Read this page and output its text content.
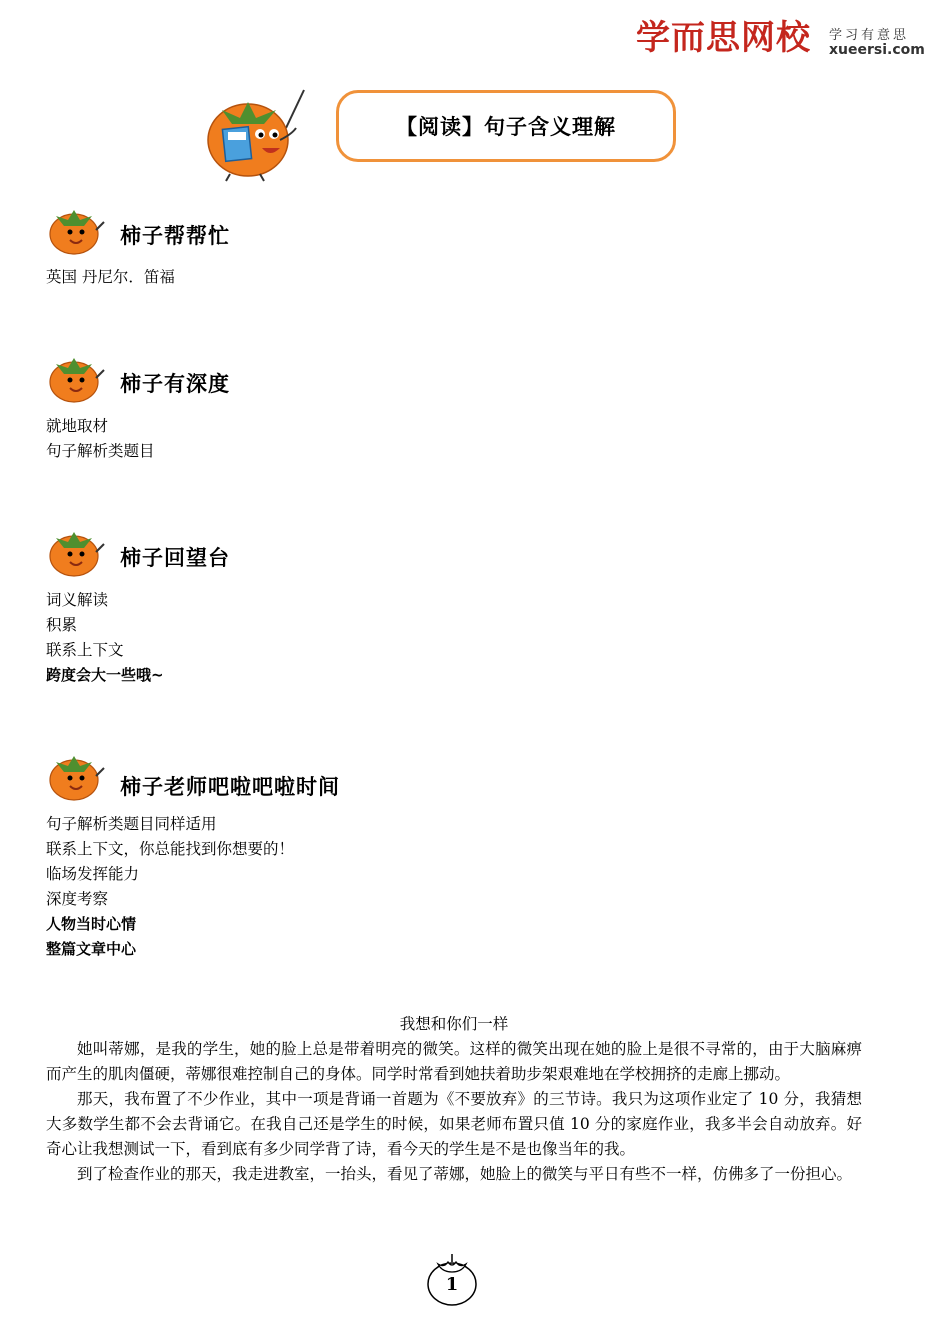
学而思网校 学习有意思
xueersi.com
【阅读】句子含义理解
柿子帮帮忙
英国 丹尼尔．笛福
柿子有深度
就地取材
句子解析类题目
柿子回望台
词义解读
积累
联系上下文
跨度会大一些哦~
柿子老师吧啦吧啦时间
句子解析类题目同样适用
联系上下文，你总能找到你想要的！
临场发挥能力
深度考察
人物当时心情
整篇文章中心
我想和你们一样

她叫蒂娜，是我的学生，她的脸上总是带着明亮的微笑。这样的微笑出现在她的脸上是很不寻常的，由于大脑麻痹而产生的肌肉僵硬，蒂娜很难控制自己的身体。同学时常看到她扶着助步架艰难地在学校拥挤的走廊上挪动。

那天，我布置了不少作业，其中一项是背诵一首题为《不要放弃》的三节诗。我只为这项作业定了 10 分，我猜想大多数学生都不会去背诵它。在我自己还是学生的时候，如果老师布置只值 10 分的家庭作业，我多半会自动放弃。好奇心让我想测试一下，看到底有多少同学背了诗，看今天的学生是不是也像当年的我。

到了检查作业的那天，我走进教室，一抬头，看见了蒂娜，她脸上的微笑与平日有些不一样，仿佛多了一份担心。

1
